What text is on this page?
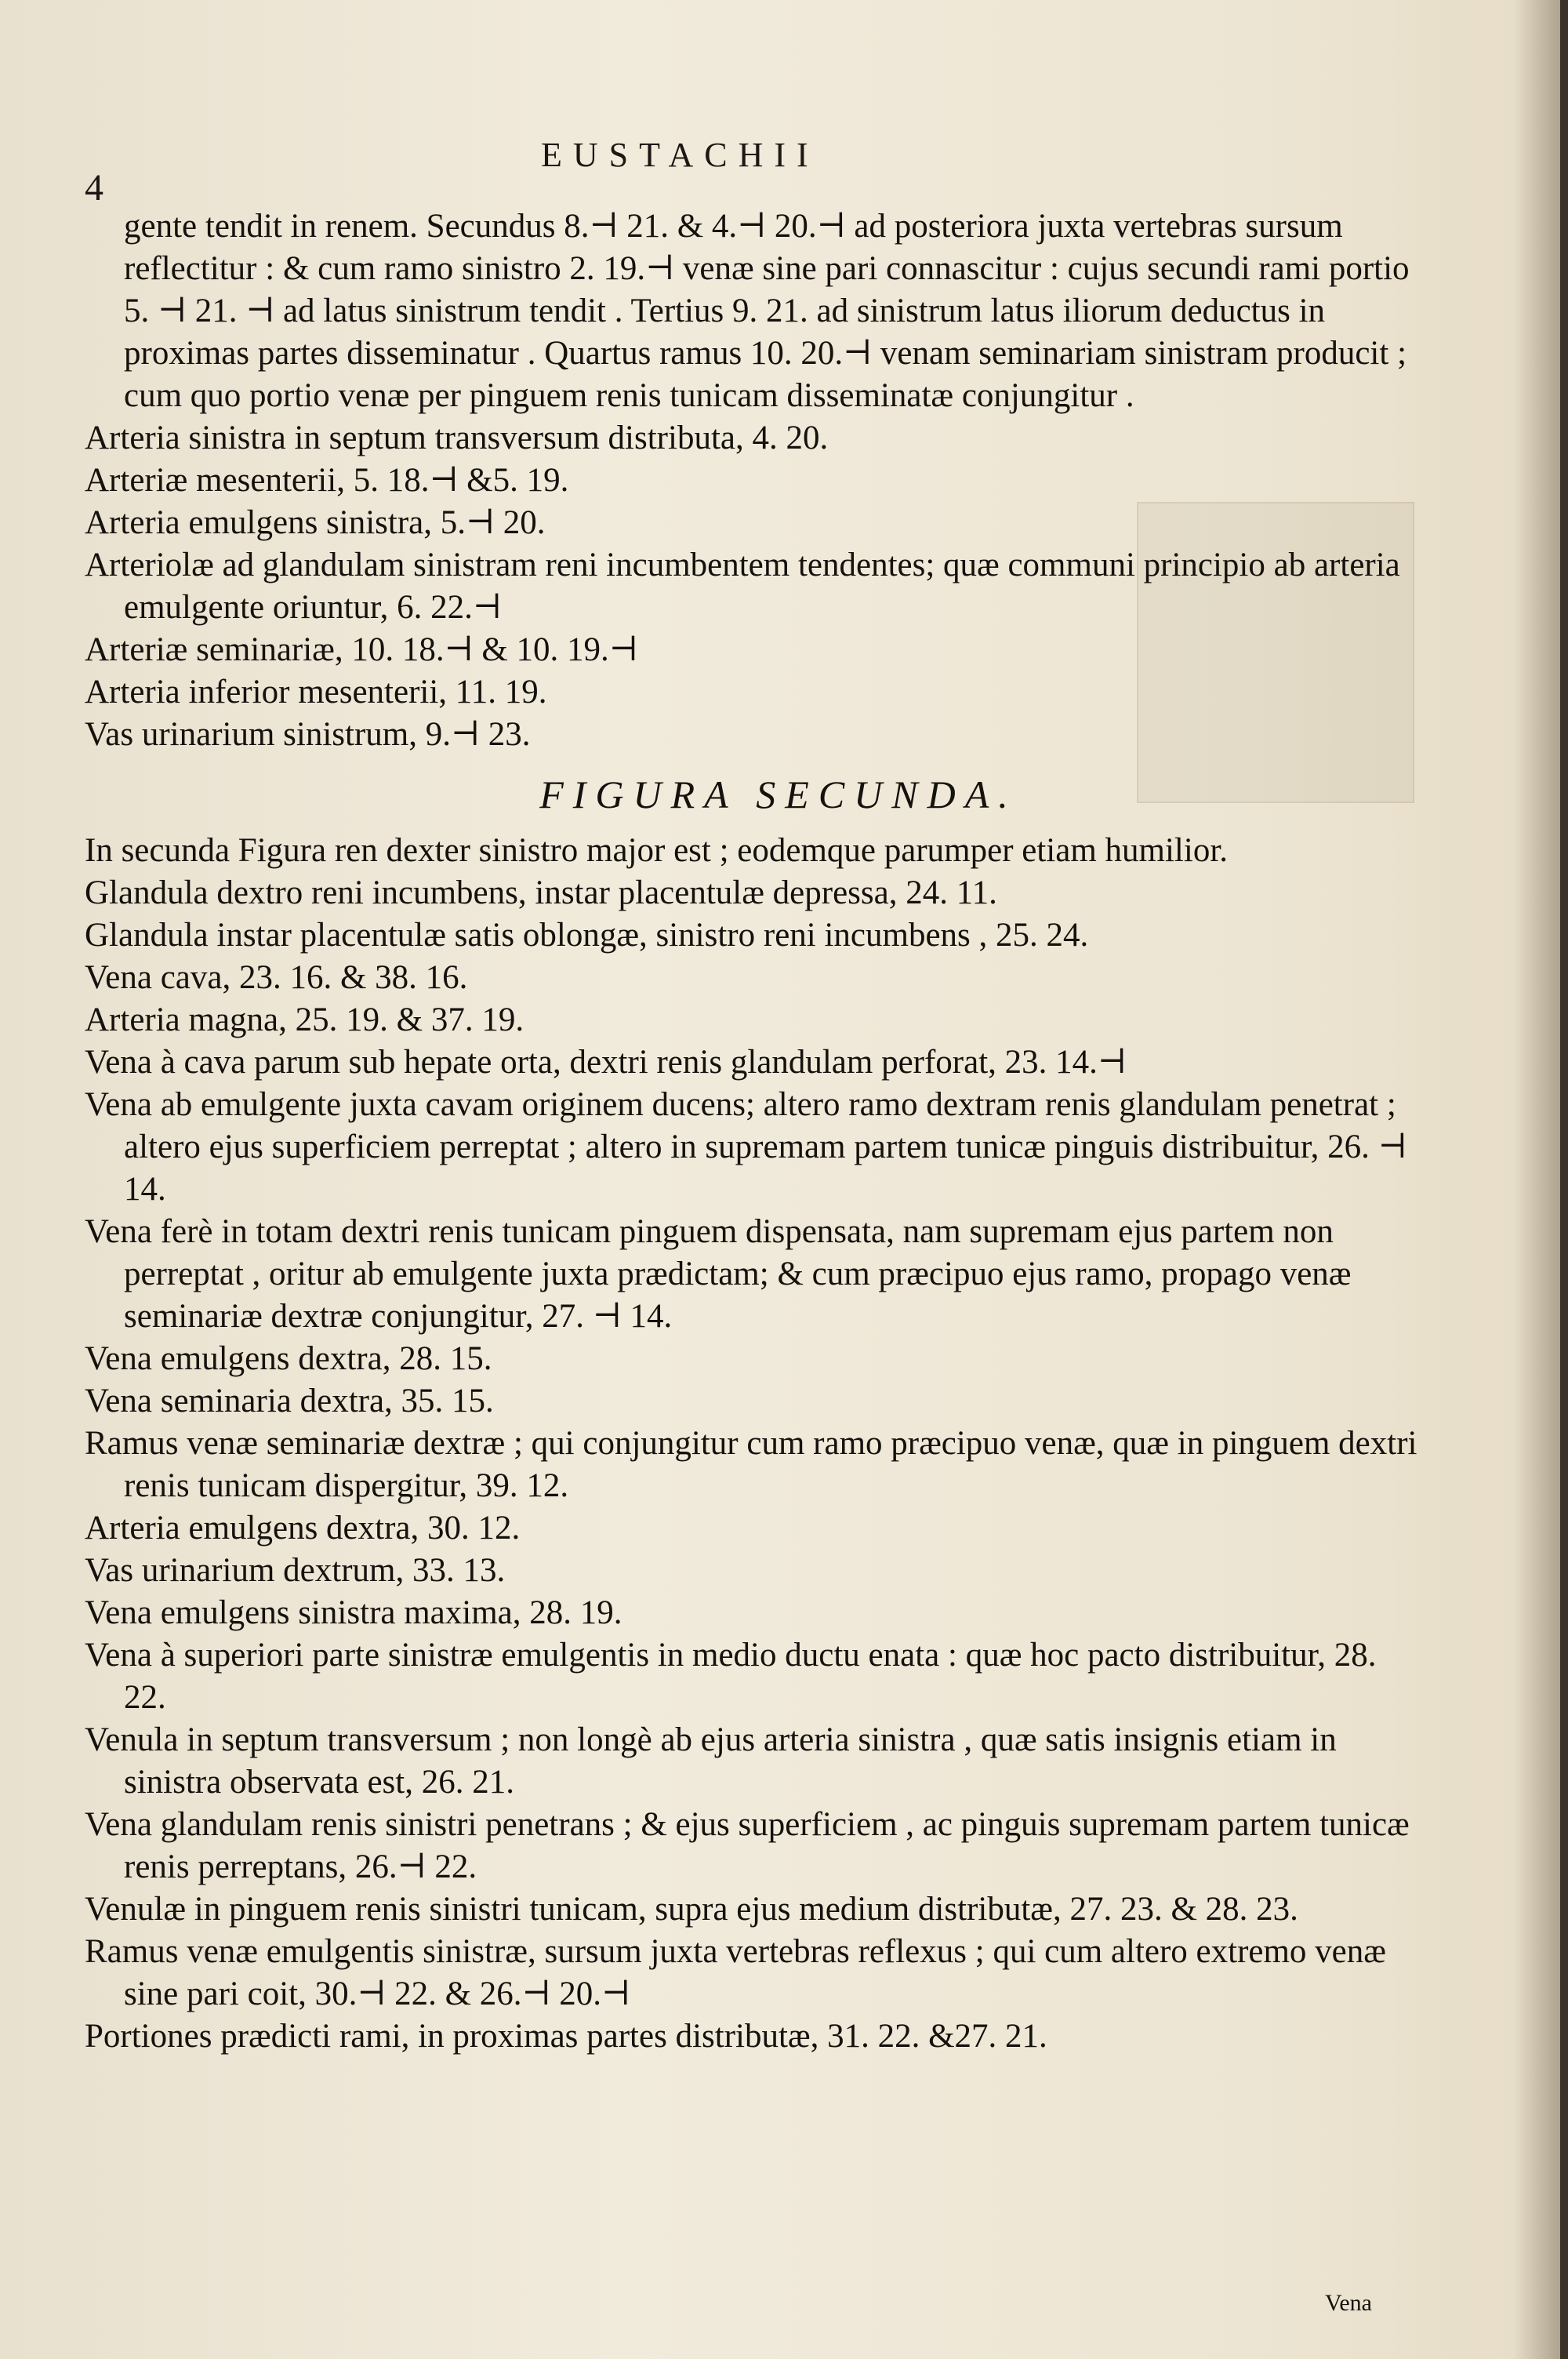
4
EUSTACHII

gente tendit in renem. Secundus 8.⊣ 21. & 4.⊣ 20.⊣ ad posteriora juxta vertebras sursum reflectitur : & cum ramo sinistro 2. 19.⊣ venæ sine pari connascitur : cujus secundi rami portio 5. ⊣ 21. ⊣ ad latus sinistrum tendit . Tertius 9. 21. ad sinistrum latus iliorum deductus in proximas partes disseminatur . Quartus ramus 10. 20.⊣ venam seminariam sinistram producit ; cum quo portio venæ per pinguem renis tunicam disseminatæ conjungitur .

Arteria sinistra in septum transversum distributa, 4. 20.

Arteriæ mesenterii, 5. 18.⊣ &5. 19.

Arteria emulgens sinistra, 5.⊣ 20.

Arteriolæ ad glandulam sinistram reni incumbentem tendentes; quæ communi principio ab arteria emulgente oriuntur, 6. 22.⊣

Arteriæ seminariæ, 10. 18.⊣ & 10. 19.⊣

Arteria inferior mesenterii, 11. 19.

Vas urinarium sinistrum, 9.⊣ 23.

FIGURA SECUNDA.

In secunda Figura ren dexter sinistro major est ; eodemque parumper etiam humilior.

Glandula dextro reni incumbens, instar placentulæ depressa, 24. 11.

Glandula instar placentulæ satis oblongæ, sinistro reni incumbens , 25. 24.

Vena cava, 23. 16. & 38. 16.

Arteria magna, 25. 19. & 37. 19.

Vena à cava parum sub hepate orta, dextri renis glandulam perforat, 23. 14.⊣

Vena ab emulgente juxta cavam originem ducens; altero ramo dextram renis glandulam penetrat ; altero ejus superficiem perreptat ; altero in supremam partem tunicæ pinguis distribuitur, 26. ⊣ 14.

Vena ferè in totam dextri renis tunicam pinguem dispensata, nam supremam ejus partem non perreptat , oritur ab emulgente juxta prædictam; & cum præcipuo ejus ramo, propago venæ seminariæ dextræ conjungitur, 27. ⊣ 14.

Vena emulgens dextra, 28. 15.

Vena seminaria dextra, 35. 15.

Ramus venæ seminariæ dextræ ; qui conjungitur cum ramo præcipuo venæ, quæ in pinguem dextri renis tunicam dispergitur, 39. 12.

Arteria emulgens dextra, 30. 12.

Vas urinarium dextrum, 33. 13.

Vena emulgens sinistra maxima, 28. 19.

Vena à superiori parte sinistræ emulgentis in medio ductu enata : quæ hoc pacto distribuitur, 28. 22.

Venula in septum transversum ; non longè ab ejus arteria sinistra , quæ satis insignis etiam in sinistra observata est, 26. 21.

Vena glandulam renis sinistri penetrans ; & ejus superficiem , ac pinguis supremam partem tunicæ renis perreptans, 26.⊣ 22.

Venulæ in pinguem renis sinistri tunicam, supra ejus medium distributæ, 27. 23. & 28. 23.

Ramus venæ emulgentis sinistræ, sursum juxta vertebras reflexus ; qui cum altero extremo venæ sine pari coit, 30.⊣ 22. & 26.⊣ 20.⊣

Portiones prædicti rami, in proximas partes distributæ, 31. 22. &27. 21.

Vena
